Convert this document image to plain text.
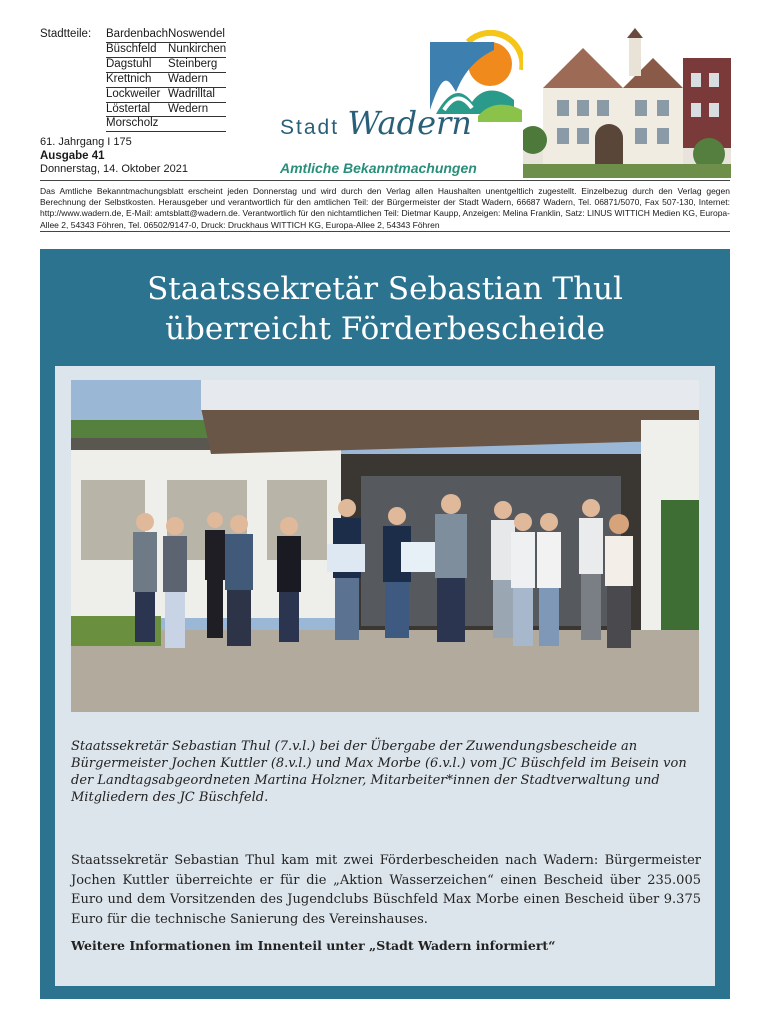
Stadtteile:	Bardenbach	Noswendel
Büschfeld	Nunkirchen
Dagstuhl	Steinberg
Krettnich	Wadern
Lockweiler	Wadrilltal
Löstertal	Wedern
Morscholz	
61. Jahrgang I 175
Ausgabe 41
Donnerstag, 14. Oktober 2021
Stadt Wadern
Amtliche Bekanntmachungen
Das Amtliche Bekanntmachungsblatt erscheint jeden Donnerstag und wird durch den Verlag allen Haushalten unentgeltlich zugestellt. Einzelbezug durch den Verlag gegen Berechnung der Selbstkosten. Herausgeber und verantwortlich für den amtlichen Teil: der Bürgermeister der Stadt Wadern, 66687 Wadern, Tel. 06871/5070, Fax 507-130, Internet: http://www.wadern.de, E-Mail: amtsblatt@wadern.de. Verantwortlich für den nichtamtlichen Teil: Dietmar Kaupp, Anzeigen: Melina Franklin, Satz: LINUS WITTICH Medien KG, Europa-Allee 2, 54343 Föhren, Tel. 06502/9147-0, Druck: Druckhaus WITTICH KG, Europa-Allee 2, 54343 Föhren
Staatssekretär Sebastian Thul
überreicht Förderbescheide
Staatssekretär Sebastian Thul (7.v.l.) bei der Übergabe der Zuwendungsbescheide an Bürgermeister Jochen Kuttler (8.v.l.) und Max Morbe (6.v.l.) vom JC Büschfeld im Beisein von der Landtagsabgeordneten Martina Holzner, Mitarbeiter*innen der Stadtverwaltung und Mitgliedern des JC Büschfeld.
Staatssekretär Sebastian Thul kam mit zwei Förderbescheiden nach Wadern: Bürgermeister Jochen Kuttler überreichte er für die „Aktion Wasserzeichen“ einen Bescheid über 235.005 Euro und dem Vorsitzenden des Jugendclubs Büschfeld Max Morbe einen Bescheid über 9.375 Euro für die technische Sanierung des Vereinshauses.
Weitere Informationen im Innenteil unter „Stadt Wadern informiert“
